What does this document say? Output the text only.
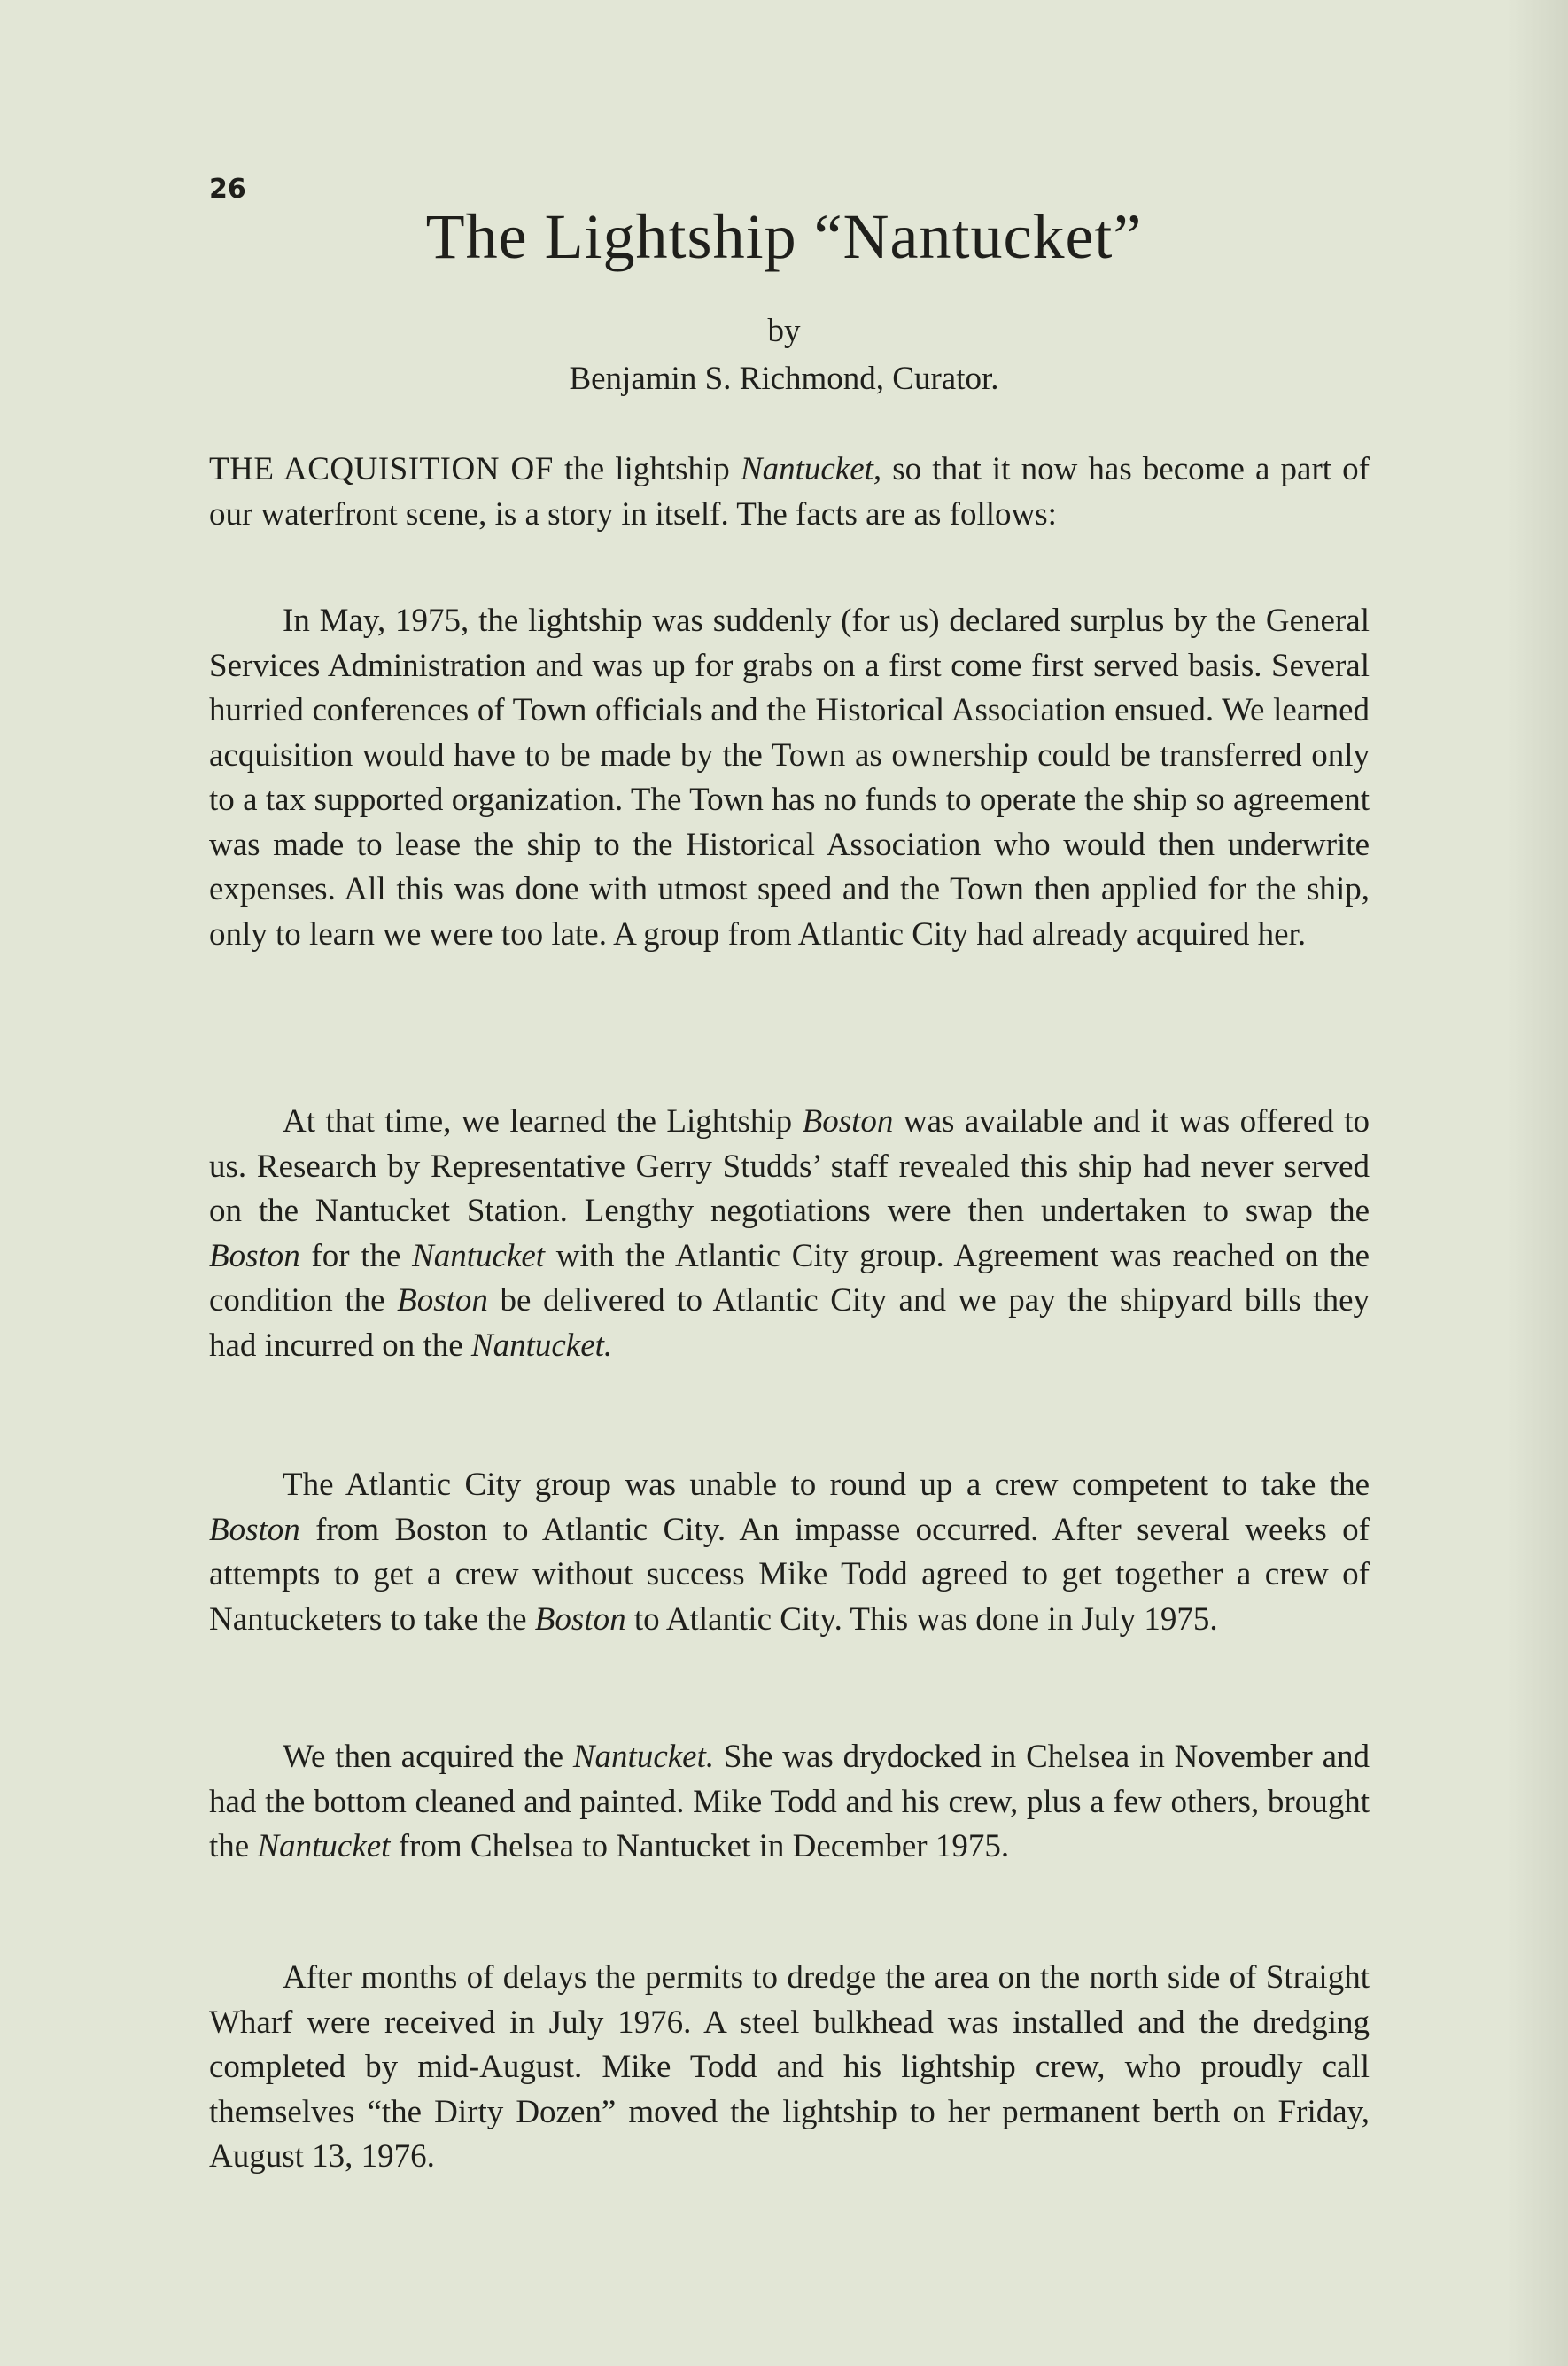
26
The Lightship “Nantucket”
by
Benjamin S. Richmond, Curator.

THE ACQUISITION OF the lightship Nantucket, so that it now has become a part of our waterfront scene, is a story in itself. The facts are as follows:

In May, 1975, the lightship was suddenly (for us) declared surplus by the General Services Administration and was up for grabs on a first come first served basis. Several hurried conferences of Town officials and the Historical Association ensued. We learned acquisition would have to be made by the Town as ownership could be transferred only to a tax supported organization. The Town has no funds to operate the ship so agreement was made to lease the ship to the Historical Association who would then underwrite expenses. All this was done with utmost speed and the Town then applied for the ship, only to learn we were too late. A group from Atlantic City had already acquired her.

At that time, we learned the Lightship Boston was available and it was offered to us. Research by Representative Gerry Studds’ staff revealed this ship had never served on the Nantucket Station. Lengthy negotiations were then undertaken to swap the Boston for the Nantucket with the Atlantic City group. Agreement was reached on the condition the Boston be delivered to Atlantic City and we pay the shipyard bills they had incurred on the Nantucket.

The Atlantic City group was unable to round up a crew competent to take the Boston from Boston to Atlantic City. An impasse occurred. After several weeks of attempts to get a crew without success Mike Todd agreed to get together a crew of Nantucketers to take the Boston to Atlantic City. This was done in July 1975.

We then acquired the Nantucket. She was drydocked in Chelsea in November and had the bottom cleaned and painted. Mike Todd and his crew, plus a few others, brought the Nantucket from Chelsea to Nantucket in December 1975.

After months of delays the permits to dredge the area on the north side of Straight Wharf were received in July 1976. A steel bulkhead was installed and the dredging completed by mid-August. Mike Todd and his lightship crew, who proudly call themselves “the Dirty Dozen” moved the lightship to her permanent berth on Friday, August 13, 1976.
